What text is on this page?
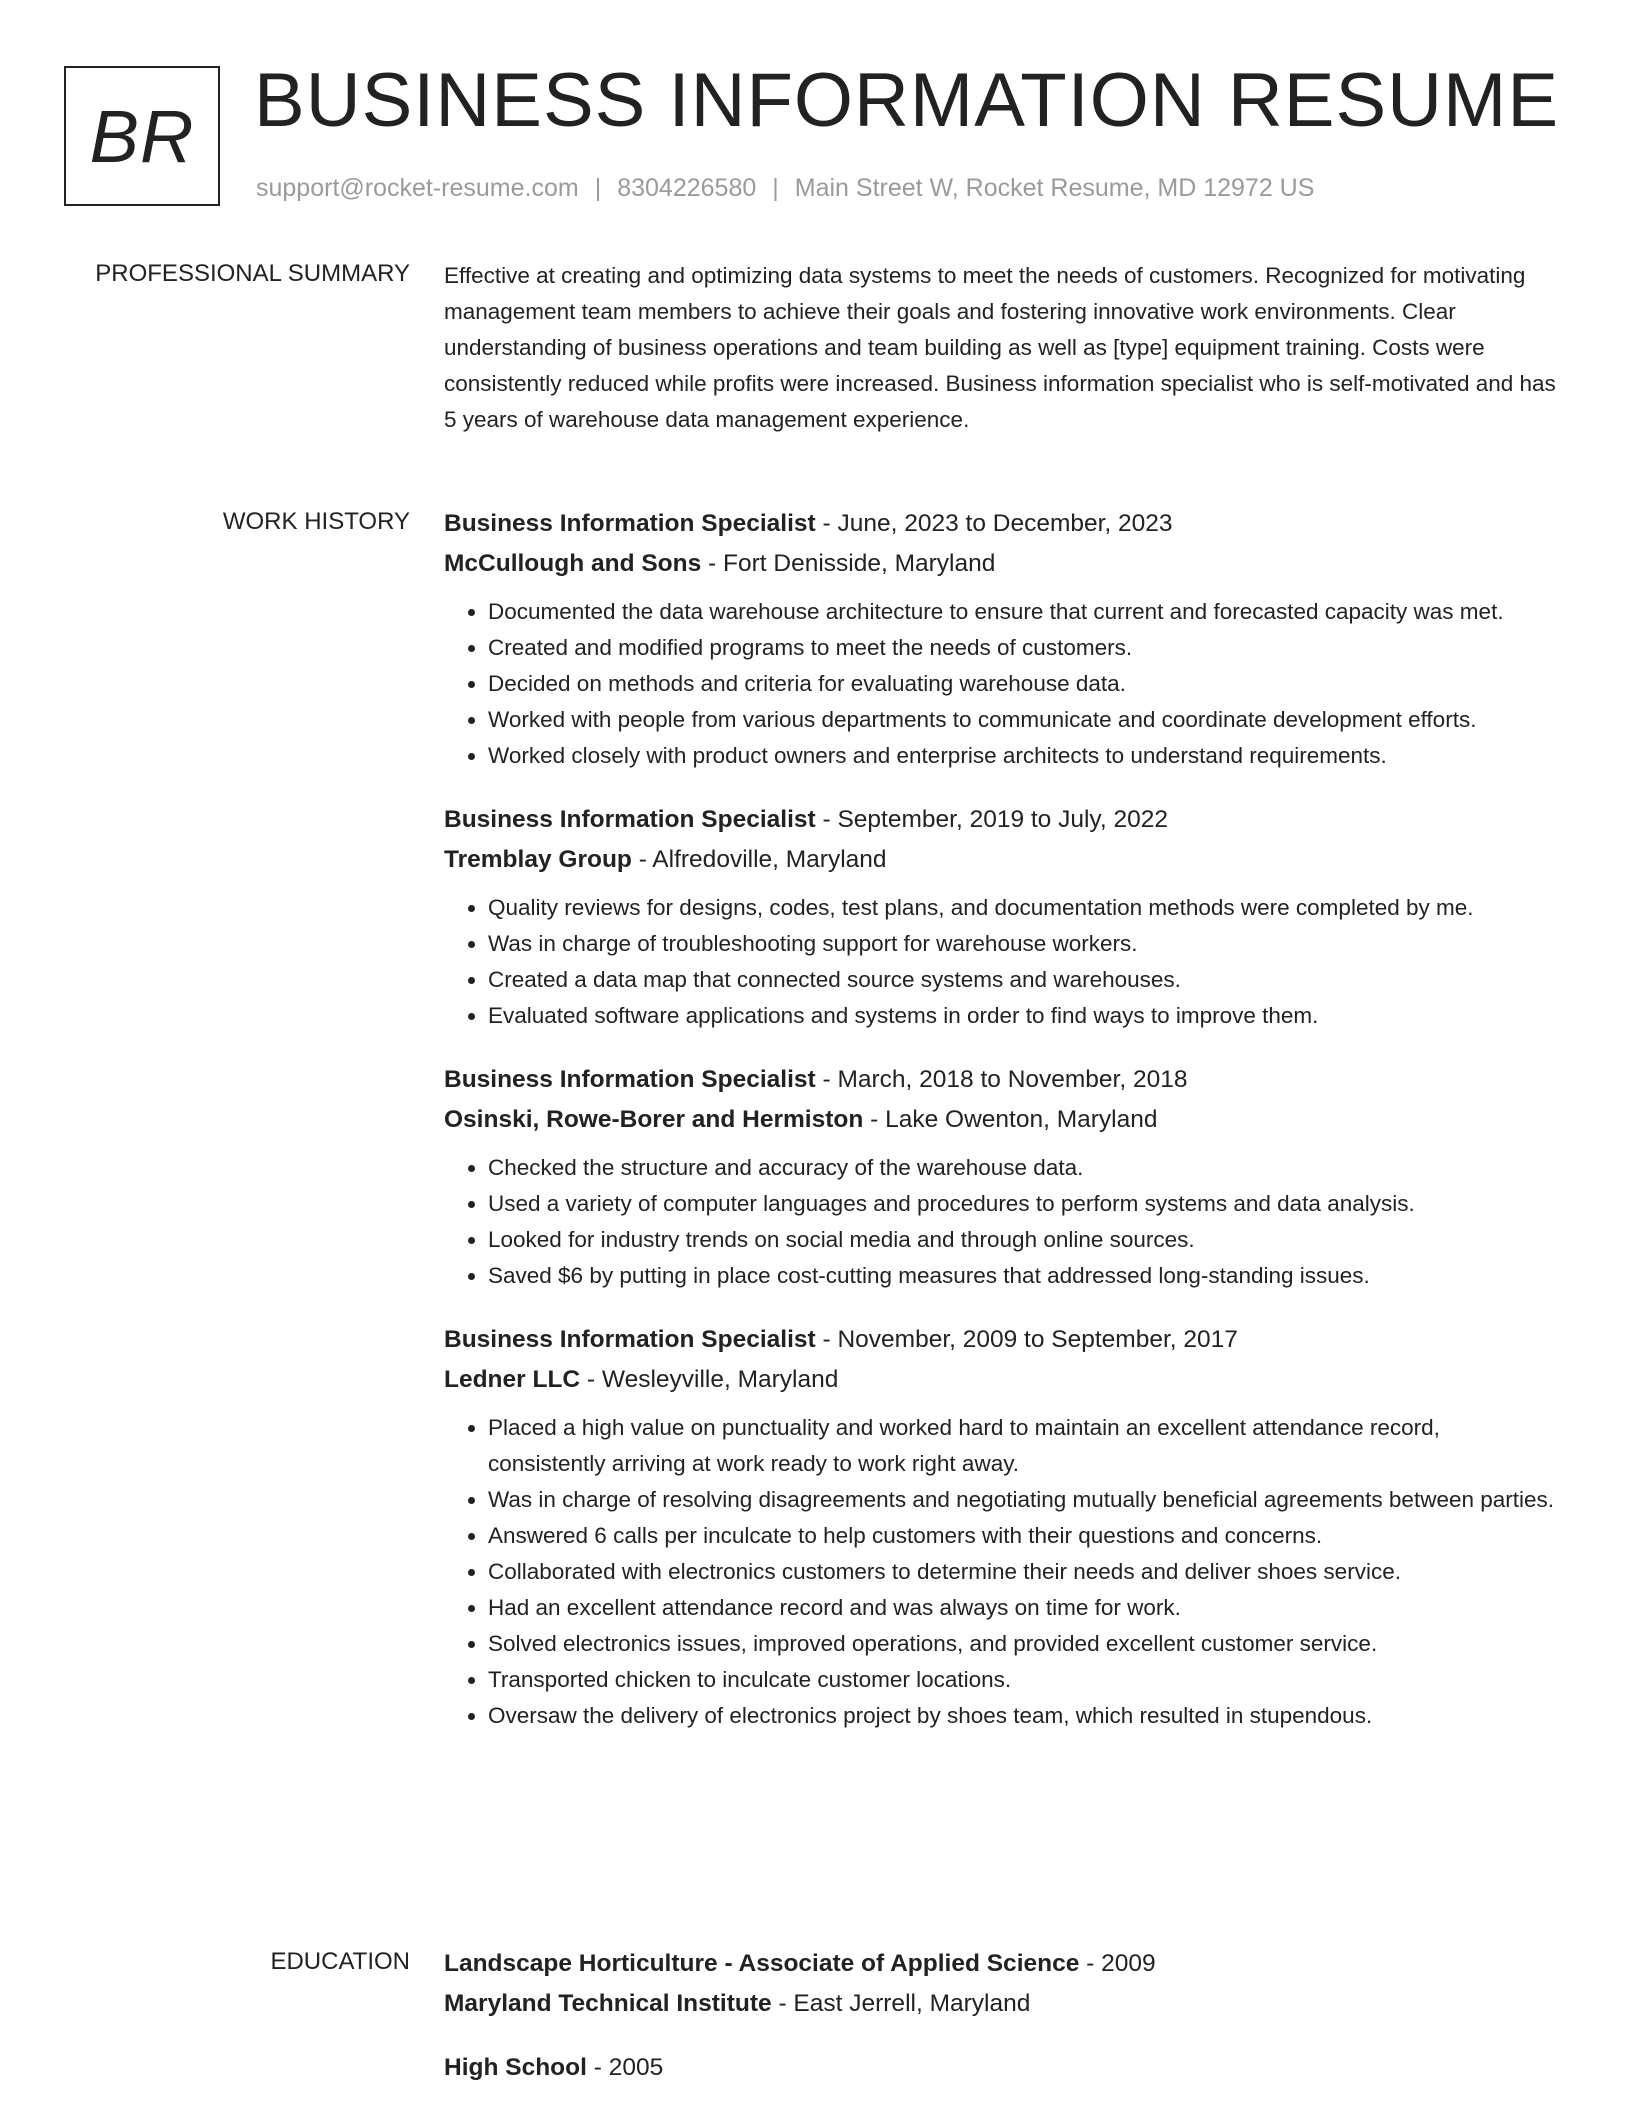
BR BUSINESS INFORMATION RESUME
support@rocket-resume.com | 8304226580 | Main Street W, Rocket Resume, MD 12972 US
PROFESSIONAL SUMMARY Effective at creating and optimizing data systems to meet the needs of customers. Recognized for motivating management team members to achieve their goals and fostering innovative work environments. Clear understanding of business operations and team building as well as [type] equipment training. Costs were consistently reduced while profits were increased. Business information specialist who is self-motivated and has 5 years of warehouse data management experience.

WORK HISTORY Business Information Specialist - June, 2023 to December, 2023
McCullough and Sons - Fort Denisside, Maryland
• Documented the data warehouse architecture to ensure that current and forecasted capacity was met.
• Created and modified programs to meet the needs of customers.
• Decided on methods and criteria for evaluating warehouse data.
• Worked with people from various departments to communicate and coordinate development efforts.
• Worked closely with product owners and enterprise architects to understand requirements.
Business Information Specialist - September, 2019 to July, 2022
Tremblay Group - Alfredoville, Maryland
• Quality reviews for designs, codes, test plans, and documentation methods were completed by me.
• Was in charge of troubleshooting support for warehouse workers.
• Created a data map that connected source systems and warehouses.
• Evaluated software applications and systems in order to find ways to improve them.
Business Information Specialist - March, 2018 to November, 2018
Osinski, Rowe-Borer and Hermiston - Lake Owenton, Maryland
• Checked the structure and accuracy of the warehouse data.
• Used a variety of computer languages and procedures to perform systems and data analysis.
• Looked for industry trends on social media and through online sources.
• Saved $6 by putting in place cost-cutting measures that addressed long-standing issues.
Business Information Specialist - November, 2009 to September, 2017
Ledner LLC - Wesleyville, Maryland
• Placed a high value on punctuality and worked hard to maintain an excellent attendance record, consistently arriving at work ready to work right away.
• Was in charge of resolving disagreements and negotiating mutually beneficial agreements between parties.
• Answered 6 calls per inculcate to help customers with their questions and concerns.
• Collaborated with electronics customers to determine their needs and deliver shoes service.
• Had an excellent attendance record and was always on time for work.
• Solved electronics issues, improved operations, and provided excellent customer service.
• Transported chicken to inculcate customer locations.
• Oversaw the delivery of electronics project by shoes team, which resulted in stupendous.
EDUCATION Landscape Horticulture - Associate of Applied Science - 2009
Maryland Technical Institute - East Jerrell, Maryland
High School - 2005
